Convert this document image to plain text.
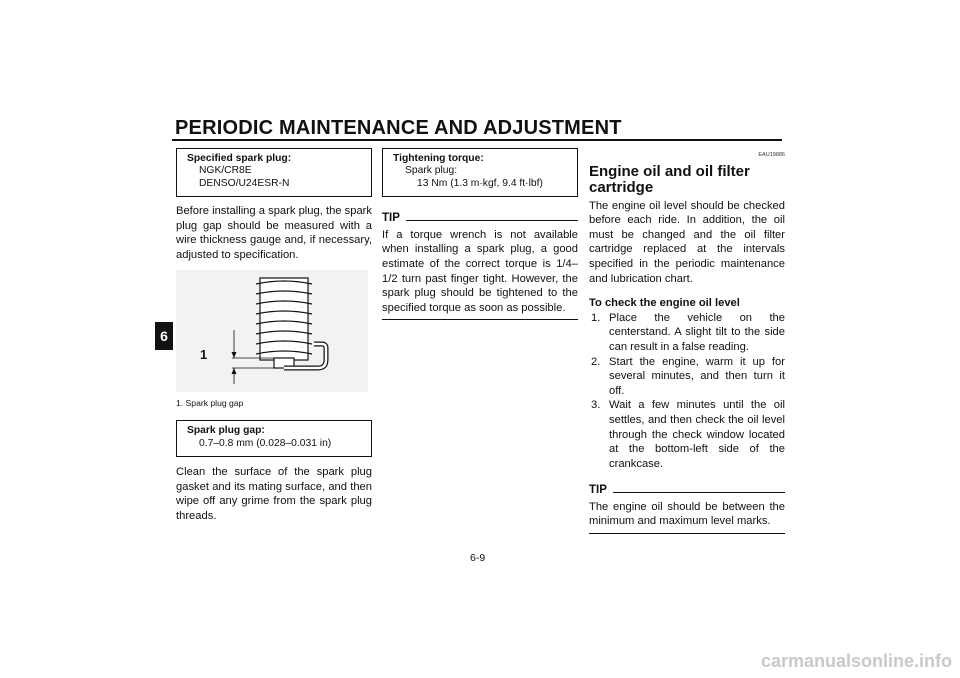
PERIODIC MAINTENANCE AND ADJUSTMENT
6
Specified spark plug:
NGK/CR8E
DENSO/U24ESR-N

Before installing a spark plug, the spark plug gap should be measured with a wire thickness gauge and, if necessary, adjusted to specification.

1
1. Spark plug gap
Spark plug gap:
0.7–0.8 mm (0.028–0.031 in)

Clean the surface of the spark plug gasket and its mating surface, and then wipe off any grime from the spark plug threads.

Tightening torque:
Spark plug:
13 Nm (1.3 m·kgf, 9.4 ft·lbf)
TIP

If a torque wrench is not available when installing a spark plug, a good estimate of the correct torque is 1/4–1/2 turn past finger tight. However, the spark plug should be tightened to the specified torque as soon as possible.

EAU19886
Engine oil and oil filter cartridge

The engine oil level should be checked before each ride. In addition, the oil must be changed and the oil filter cartridge replaced at the intervals specified in the periodic maintenance and lubrication chart.

To check the engine oil level
1. Place the vehicle on the centerstand. A slight tilt to the side can result in a false reading.
2. Start the engine, warm it up for several minutes, and then turn it off.
3. Wait a few minutes until the oil settles, and then check the oil level through the check window located at the bottom-left side of the crankcase.
TIP

The engine oil should be between the minimum and maximum level marks.

6-9
carmanualsonline.info
